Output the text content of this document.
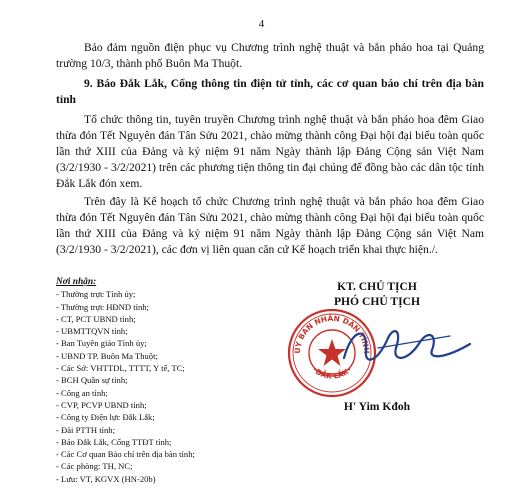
4

Bảo đảm nguồn điện phục vụ Chương trình nghệ thuật và bắn pháo hoa tại Quảng trường 10/3, thành phố Buôn Ma Thuột.

9. Báo Đắk Lắk, Cổng thông tin điện tử tỉnh, các cơ quan báo chí trên địa bàn tỉnh

Tổ chức thông tin, tuyên truyền Chương trình nghệ thuật và bắn pháo hoa đêm Giao thừa đón Tết Nguyên đán Tân Sửu 2021, chào mừng thành công Đại hội đại biểu toàn quốc lần thứ XIII của Đảng và kỷ niệm 91 năm Ngày thành lập Đảng Cộng sản Việt Nam (3/2/1930 - 3/2/2021) trên các phương tiện thông tin đại chúng để đồng bào các dân tộc tỉnh Đắk Lắk đón xem.

Trên đây là Kế hoạch tổ chức Chương trình nghệ thuật và bắn pháo hoa đêm Giao thừa đón Tết Nguyên đán Tân Sửu 2021, chào mừng thành công Đại hội đại biểu toàn quốc lần thứ XIII của Đảng và kỷ niệm 91 năm Ngày thành lập Đảng Cộng sản Việt Nam (3/2/1930 - 3/2/2021), các đơn vị liên quan căn cứ Kế hoạch triển khai thực hiện./.

Nơi nhận:
- Thường trực Tỉnh ủy;
- Thường trực HĐND tỉnh;
- CT, PCT UBND tỉnh;
- UBMTTQVN tỉnh;
- Ban Tuyên giáo Tỉnh ủy;
- UBND TP. Buôn Ma Thuột;
- Các Sở: VHTTDL, TTTT, Y tế, TC;
- BCH Quân sự tỉnh;
- Công an tỉnh;
- CVP, PCVP UBND tỉnh;
- Công ty Điện lực Đắk Lắk;
- Đài PTTH tỉnh;
- Báo Đắk Lắk, Cổng TTĐT tỉnh;
- Các Cơ quan Báo chí trên địa bàn tỉnh;
- Các phòng: TH, NC;
- Lưu: VT, KGVX (HN-20b)
KT. CHỦ TỊCH
PHÓ CHỦ TỊCH
ỦY BAN NHÂN DÂN TỈNH
ĐẮK LẮK
H' Yim Kđoh
